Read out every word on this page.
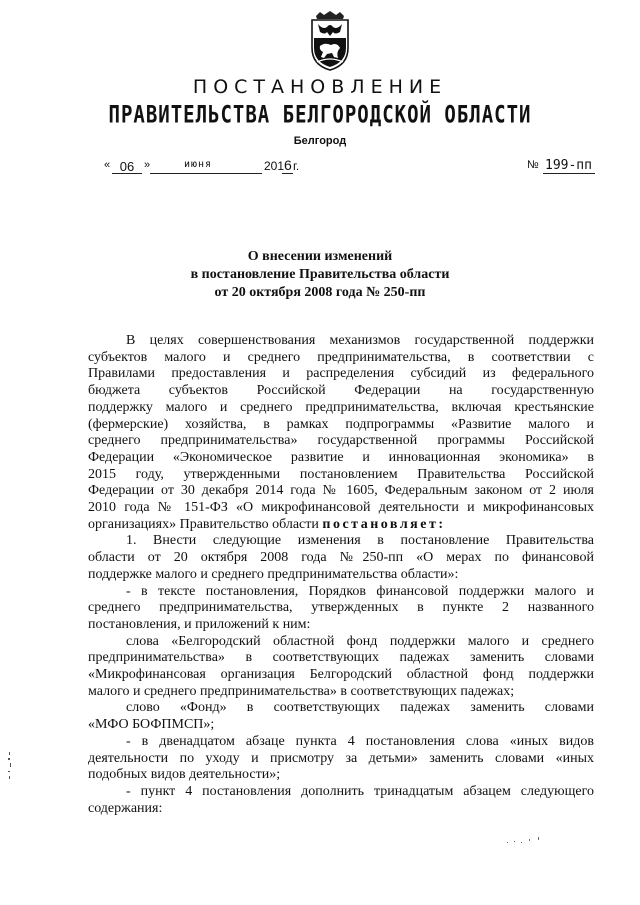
ПОСТАНОВЛЕНИЕ
ПРАВИТЕЛЬСТВА БЕЛГОРОДСКОЙ ОБЛАСТИ
Белгород
« 06 »	июня	201 6 г.	№ 199-пп
О внесении изменений
в постановление Правительства области
от 20 октября 2008 года № 250-пп
В целях совершенствования механизмов государственной поддержки
субъектов малого и среднего предпринимательства, в соответствии с
Правилами предоставления и распределения субсидий из федерального
бюджета субъектов Российской Федерации на государственную
поддержку малого и среднего предпринимательства, включая крестьянские
(фермерские) хозяйства, в рамках подпрограммы «Развитие малого и
среднего предпринимательства» государственной программы Российской
Федерации «Экономическое развитие и инновационная экономика» в
2015 году, утвержденными постановлением Правительства Российской
Федерации от 30 декабря 2014 года № 1605, Федеральным законом от 2 июля
2010 года № 151-ФЗ «О микрофинансовой деятельности и микрофинансовых
организациях» Правительство области постановляет:
1. Внести следующие изменения в постановление Правительства
области от 20 октября 2008 года №250-пп «О мерах по финансовой
поддержке малого и среднего предпринимательства области»:
- в тексте постановления, Порядков финансовой поддержки малого и
среднего предпринимательства, утвержденных в пункте 2 названного
постановления, и приложений к ним:
слова «Белгородский областной фонд поддержки малого и среднего
предпринимательства» в соответствующих падежах заменить словами
«Микрофинансовая организация Белгородский областной фонд поддержки
малого и среднего предпринимательства» в соответствующих падежах;
слово «Фонд» в соответствующих падежах заменить словами
«МФО БОФПМСП»;
- в двенадцатом абзаце пункта 4 постановления слова «иных видов
деятельности по уходу и присмотру за детьми» заменить словами «иных
подобных видов деятельности»;
- пункт 4 постановления дополнить тринадцатым абзацем следующего
содержания:
